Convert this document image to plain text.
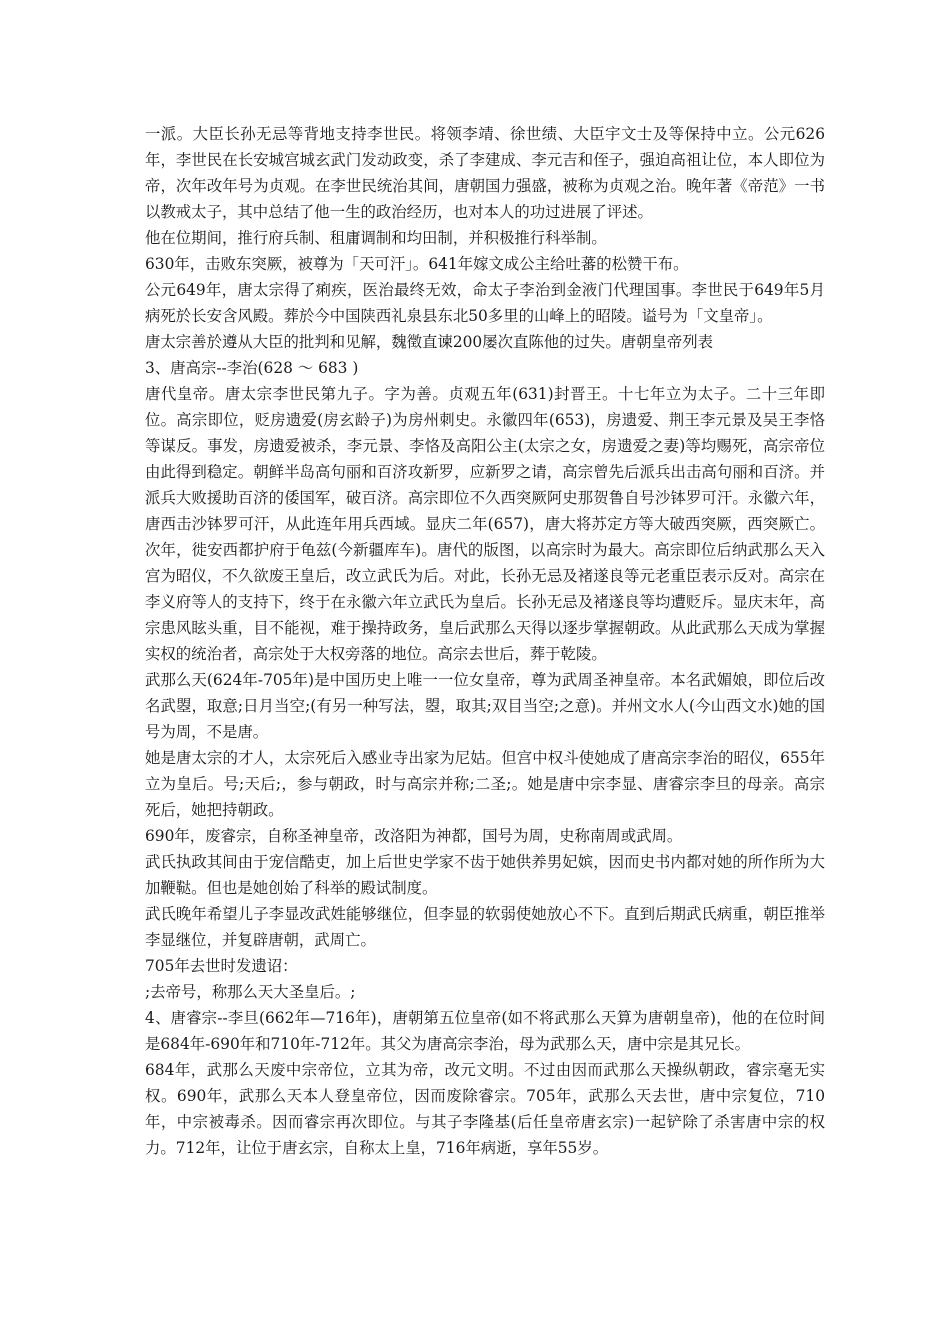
一派。大臣长孙无忌等背地支持李世民。将领李靖、徐世绩、大臣宇文士及等保持中立。公元626年，李世民在长安城宫城玄武门发动政变，杀了李建成、李元吉和侄子，强迫高祖让位，本人即位为帝，次年改年号为贞观。在李世民统治其间，唐朝国力强盛，被称为贞观之治。晚年著《帝范》一书以教戒太子，其中总结了他一生的政治经历，也对本人的功过进展了评述。

他在位期间，推行府兵制、租庸调制和均田制，并积极推行科举制。

630年，击败东突厥，被尊为「天可汗」。641年嫁文成公主给吐蕃的松赞干布。

公元649年，唐太宗得了痢疾，医治最终无效，命太子李治到金液门代理国事。李世民于649年5月病死於长安含风殿。葬於今中国陕西礼泉县东北50多里的山峰上的昭陵。谥号为「文皇帝」。

唐太宗善於遵从大臣的批判和见解，魏徵直谏200屡次直陈他的过失。唐朝皇帝列表

3、唐高宗--李治(628 ～ 683 )

唐代皇帝。唐太宗李世民第九子。字为善。贞观五年(631)封晋王。十七年立为太子。二十三年即位。高宗即位，贬房遗爱(房玄龄子)为房州刺史。永徽四年(653)，房遗爱、荆王李元景及吴王李恪等谋反。事发，房遗爱被杀，李元景、李恪及高阳公主(太宗之女，房遗爱之妻)等均赐死，高宗帝位由此得到稳定。朝鲜半岛高句丽和百济攻新罗，应新罗之请，高宗曾先后派兵出击高句丽和百济。并派兵大败援助百济的倭国军，破百济。高宗即位不久西突厥阿史那贺鲁自号沙钵罗可汗。永徽六年，唐西击沙钵罗可汗，从此连年用兵西域。显庆二年(657)，唐大将苏定方等大破西突厥，西突厥亡。次年，徙安西都护府于龟兹(今新疆库车)。唐代的版图，以高宗时为最大。高宗即位后纳武那么天入宫为昭仪，不久欲废王皇后，改立武氏为后。对此，长孙无忌及褚遂良等元老重臣表示反对。高宗在李义府等人的支持下，终于在永徽六年立武氏为皇后。长孙无忌及褚遂良等均遭贬斥。显庆末年，高宗患风眩头重，目不能视，难于操持政务，皇后武那么天得以逐步掌握朝政。从此武那么天成为掌握实权的统治者，高宗处于大权旁落的地位。高宗去世后，葬于乾陵。

武那么天(624年-705年)是中国历史上唯一一位女皇帝，尊为武周圣神皇帝。本名武媚娘，即位后改名武曌，取意;日月当空;(有另一种写法，曌，取其;双目当空;之意)。并州文水人(今山西文水)她的国号为周，不是唐。

她是唐太宗的才人，太宗死后入感业寺出家为尼姑。但宫中权斗使她成了唐高宗李治的昭仪，655年立为皇后。号;天后;，参与朝政，时与高宗并称;二圣;。她是唐中宗李显、唐睿宗李旦的母亲。高宗死后，她把持朝政。

690年，废睿宗，自称圣神皇帝，改洛阳为神都，国号为周，史称南周或武周。

武氏执政其间由于宠信酷吏，加上后世史学家不齿于她供养男妃嫔，因而史书内都对她的所作所为大加鞭鞑。但也是她创始了科举的殿试制度。

武氏晚年希望儿子李显改武姓能够继位，但李显的软弱使她放心不下。直到后期武氏病重，朝臣推举李显继位，并复辟唐朝，武周亡。

705年去世时发遗诏：

;去帝号，称那么天大圣皇后。;

4、唐睿宗--李旦(662年—716年)，唐朝第五位皇帝(如不将武那么天算为唐朝皇帝)，他的在位时间是684年-690年和710年-712年。其父为唐高宗李治，母为武那么天，唐中宗是其兄长。

684年，武那么天废中宗帝位，立其为帝，改元文明。不过由因而武那么天操纵朝政，睿宗毫无实权。690年，武那么天本人登皇帝位，因而废除睿宗。705年，武那么天去世，唐中宗复位，710年，中宗被毒杀。因而睿宗再次即位。与其子李隆基(后任皇帝唐玄宗)一起铲除了杀害唐中宗的权力。712年，让位于唐玄宗，自称太上皇，716年病逝，享年55岁。
